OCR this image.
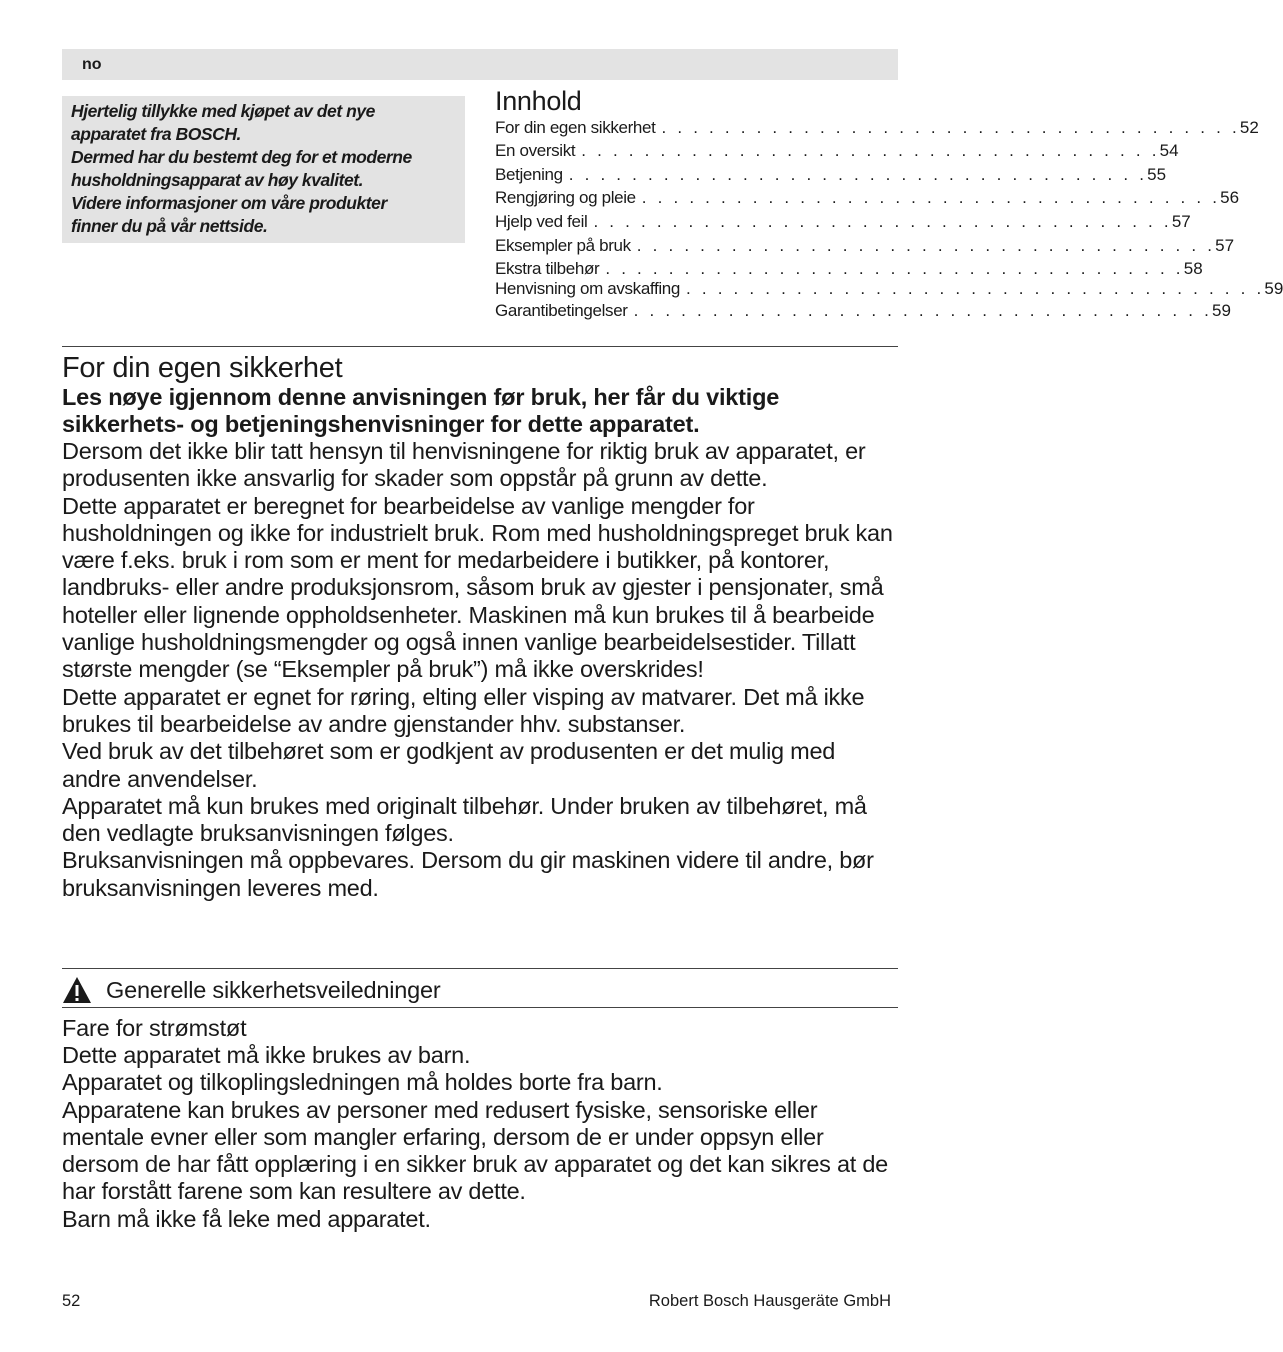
no

Hjertelig tillykke med kjøpet av det nye

apparatet fra BOSCH.

Dermed har du bestemt deg for et moderne

husholdningsapparat av høy kvalitet.

Videre informasjoner om våre produkter

finner du på vår nettside.

Innhold
For din egen sikkerhet . . . . . . . . . . . . . . . . . . . . . . . . . . . . . . . . . . . . . 52
En oversikt . . . . . . . . . . . . . . . . . . . . . . . . . . . . . . . . . . . . . 54
Betjening . . . . . . . . . . . . . . . . . . . . . . . . . . . . . . . . . . . . . 55
Rengjøring og pleie . . . . . . . . . . . . . . . . . . . . . . . . . . . . . . . . . . . . . 56
Hjelp ved feil . . . . . . . . . . . . . . . . . . . . . . . . . . . . . . . . . . . . . 57
Eksempler på bruk . . . . . . . . . . . . . . . . . . . . . . . . . . . . . . . . . . . . . 57
Ekstra tilbehør . . . . . . . . . . . . . . . . . . . . . . . . . . . . . . . . . . . . . 58
Henvisning om avskaffing . . . . . . . . . . . . . . . . . . . . . . . . . . . . . . . . . . . . . 59
Garantibetingelser . . . . . . . . . . . . . . . . . . . . . . . . . . . . . . . . . . . . . 59
For din egen sikkerhet

Les nøye igjennom denne anvisningen før bruk, her får du viktige sikkerhets- og betjeningshenvisninger for dette apparatet.

Dersom det ikke blir tatt hensyn til henvisningene for riktig bruk av apparatet, er produsenten ikke ansvarlig for skader som oppstår på grunn av dette.

Dette apparatet er beregnet for bearbeidelse av vanlige mengder for husholdningen og ikke for industrielt bruk. Rom med husholdningspreget bruk kan være f.eks. bruk i rom som er ment for medarbeidere i butikker, på kontorer, landbruks- eller andre produksjonsrom, såsom bruk av gjester i pensjonater, små hoteller eller lignende oppholdsenheter. Maskinen må kun brukes til å bearbeide vanlige husholdningsmengder og også innen vanlige bearbeidelsestider. Tillatt største mengder (se “Eksempler på bruk”) må ikke overskrides!

Dette apparatet er egnet for røring, elting eller visping av matvarer. Det må ikke brukes til bearbeidelse av andre gjenstander hhv. substanser.

Ved bruk av det tilbehøret som er godkjent av produsenten er det mulig med andre anvendelser.

Apparatet må kun brukes med originalt tilbehør. Under bruken av tilbehøret, må den vedlagte bruksanvisningen følges.

Bruksanvisningen må oppbevares. Dersom du gir maskinen videre til andre, bør bruksanvisningen leveres med.

Generelle sikkerhetsveiledninger
Fare for strømstøt

Dette apparatet må ikke brukes av barn.

Apparatet og tilkoplingsledningen må holdes borte fra barn.

Apparatene kan brukes av personer med redusert fysiske, sensoriske eller mentale evner eller som mangler erfaring, dersom de er under oppsyn eller dersom de har fått opplæring i en sikker bruk av apparatet og det kan sikres at de har forstått farene som kan resultere av dette.

Barn må ikke få leke med apparatet.

52	Robert Bosch Hausgeräte GmbH
